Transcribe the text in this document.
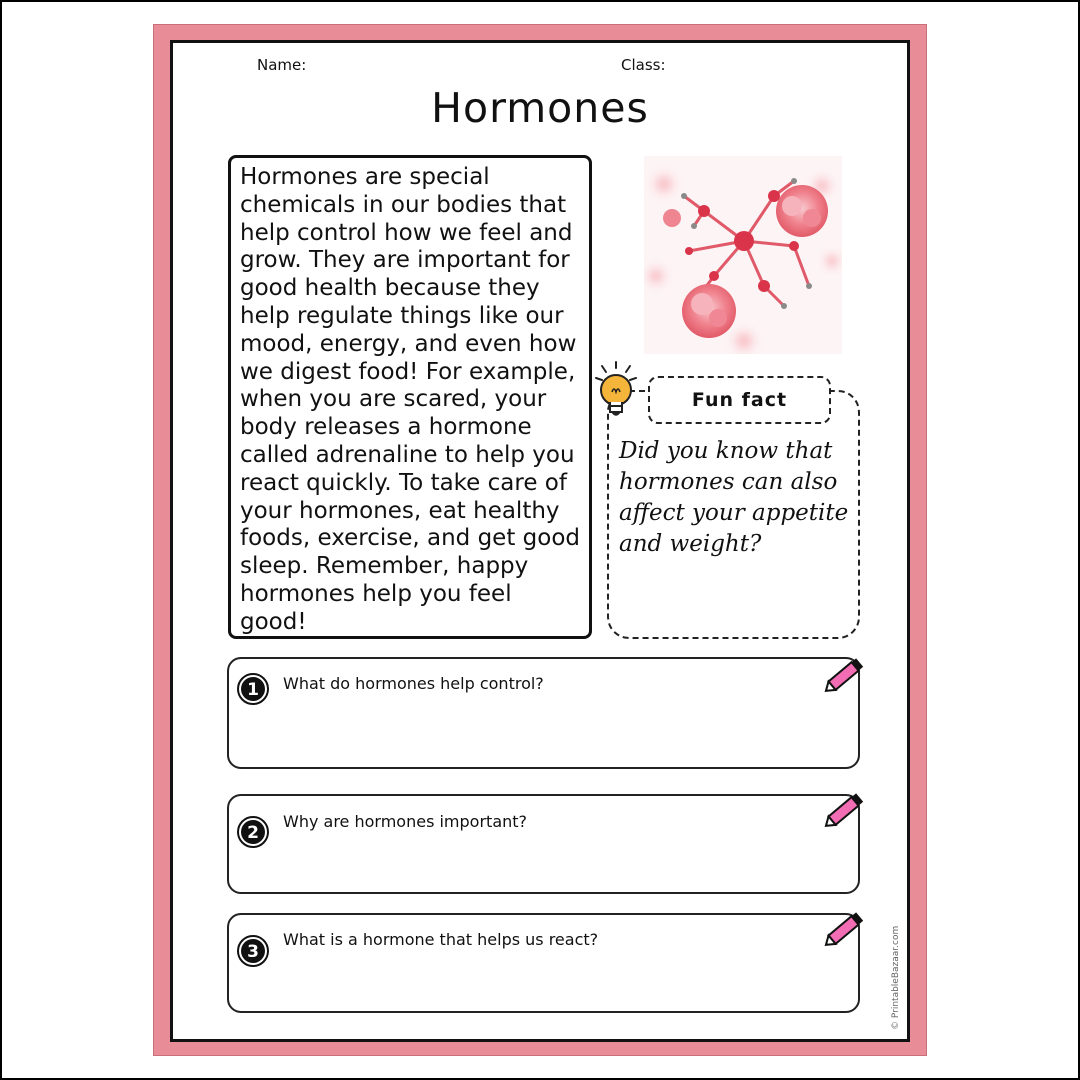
Name:	Class:
Hormones
Hormones are special chemicals in our bodies that help control how we feel and grow. They are important for good health because they help regulate things like our mood, energy, and even how we digest food! For example, when you are scared, your body releases a hormone called adrenaline to help you react quickly. To take care of your hormones, eat healthy foods, exercise, and get good sleep. Remember, happy hormones help you feel good!
Fun fact
Did you know that hormones can also affect your appetite and weight?
1 What do hormones help control?
2
Why are hormones important?
3
What is a hormone that helps us react?	© PrintableBazaar.com
